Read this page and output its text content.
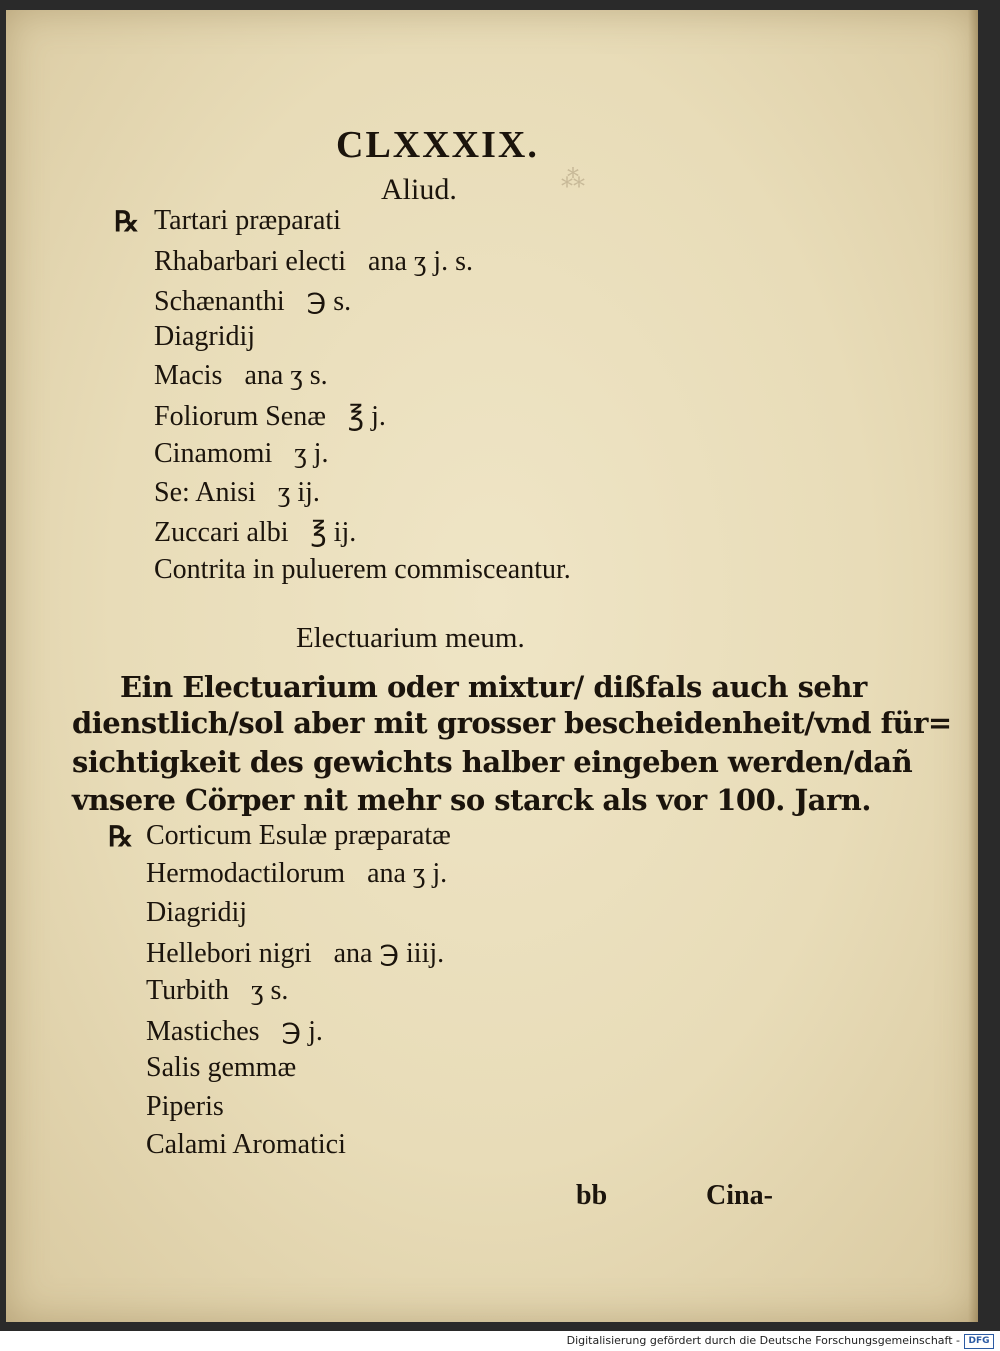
⁂
CLXXXIX.
Aliud.
℞ Tartari præparati
Rhabarbari electi ana ʒ j. s.
Schænanthi ℈ s.
Diagridij
Macis ana ʒ s.
Foliorum Senæ ℥ j.
Cinamomi ʒ j.
Se: Anisi ʒ ij.
Zuccari albi ℥ ij.
Contrita in puluerem commisceantur.
Electuarium meum.
Ein Electuarium oder mixtur/ dißfals auch sehr
dienstlich/sol aber mit grosser bescheidenheit/vnd für=
sichtigkeit des gewichts halber eingeben werden/dañ
vnsere Cörper nit mehr so starck als vor 100. Jarn.
℞ Corticum Esulæ præparatæ
Hermodactilorum ana ʒ j.
Diagridij
Hellebori nigri ana ℈ iiij.
Turbith ʒ s.
Mastiches ℈ j.
Salis gemmæ
Piperis
Calami Aromatici
bb	Cina-
Digitalisierung gefördert durch die Deutsche Forschungsgemeinschaft - DFG
